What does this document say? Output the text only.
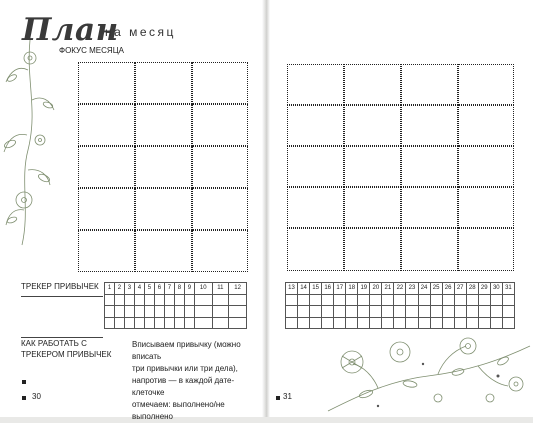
План
на месяц
ФОКУС МЕСЯЦА
ТРЕКЕР ПРИВЫЧЕК 1	2	3	4	5	6	7	8	9	10	11	12

												13	14	15	16	17	18	19	20	21	22	23	24	25	26	27	28	29	30	31

КАК РАБОТАТЬ С
ТРЕКЕРОМ ПРИВЫЧЕК
Вписываем привычку (можно вписать
три привычки или три дела),
напротив — в каждой дате-клеточке
отмечаем: выполнено/не выполнено
30	31
